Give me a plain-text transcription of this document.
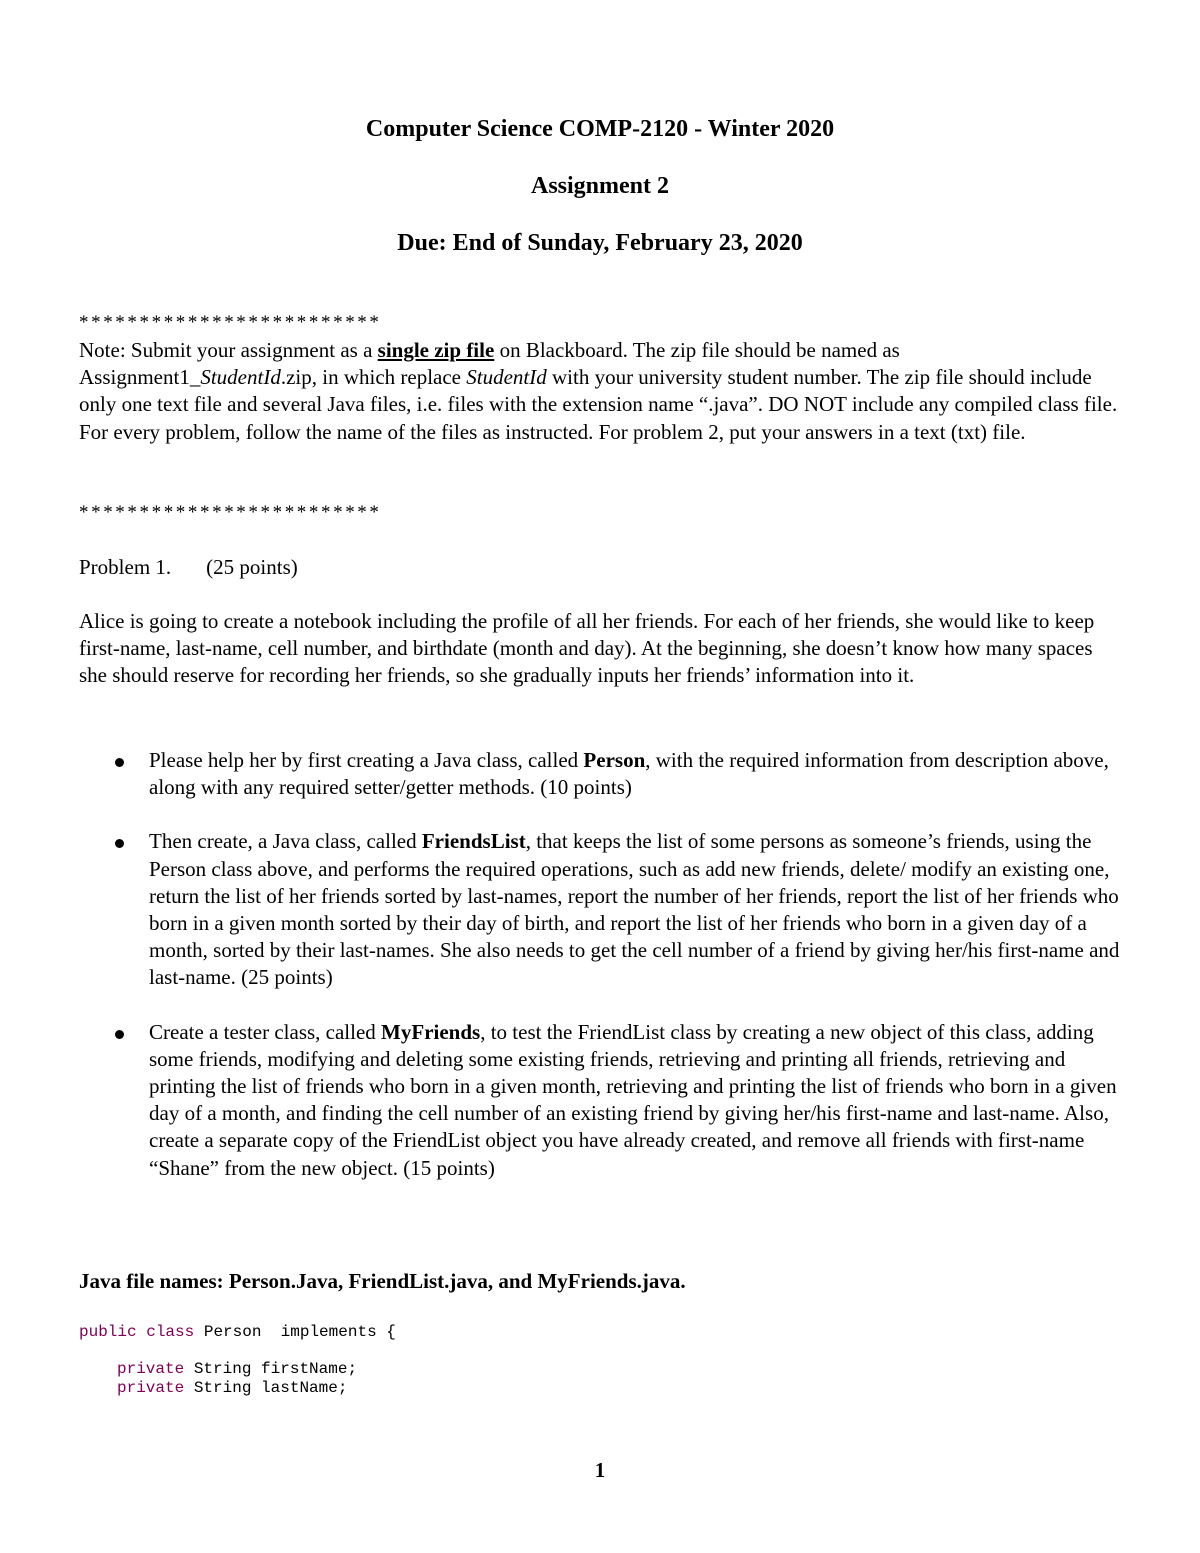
Computer Science COMP-2120 - Winter 2020
Assignment 2
Due: End of Sunday, February 23, 2020
*************************
Note: Submit your assignment as a single zip file on Blackboard. The zip file should be named as Assignment1_StudentId.zip, in which replace StudentId with your university student number. The zip file should include only one text file and several Java files, i.e. files with the extension name “.java”. DO NOT include any compiled class file. For every problem, follow the name of the files as instructed. For problem 2, put your answers in a text (txt) file.
*************************
Problem 1. (25 points)
Alice is going to create a notebook including the profile of all her friends. For each of her friends, she would like to keep first-name, last-name, cell number, and birthdate (month and day). At the beginning, she doesn’t know how many spaces she should reserve for recording her friends, so she gradually inputs her friends’ information into it.
Please help her by first creating a Java class, called Person, with the required information from description above, along with any required setter/getter methods. (10 points)
Then create, a Java class, called FriendsList, that keeps the list of some persons as someone’s friends, using the Person class above, and performs the required operations, such as add new friends, delete/ modify an existing one, return the list of her friends sorted by last-names, report the number of her friends, report the list of her friends who born in a given month sorted by their day of birth, and report the list of her friends who born in a given day of a month, sorted by their last-names. She also needs to get the cell number of a friend by giving her/his first-name and last-name. (25 points)
Create a tester class, called MyFriends, to test the FriendList class by creating a new object of this class, adding some friends, modifying and deleting some existing friends, retrieving and printing all friends, retrieving and printing the list of friends who born in a given month, retrieving and printing the list of friends who born in a given day of a month, and finding the cell number of an existing friend by giving her/his first-name and last-name. Also, create a separate copy of the FriendList object you have already created, and remove all friends with first-name “Shane” from the new object. (15 points)
Java file names: Person.Java, FriendList.java, and MyFriends.java.
public class Person  implements {
private String firstName;
private String lastName;
1
